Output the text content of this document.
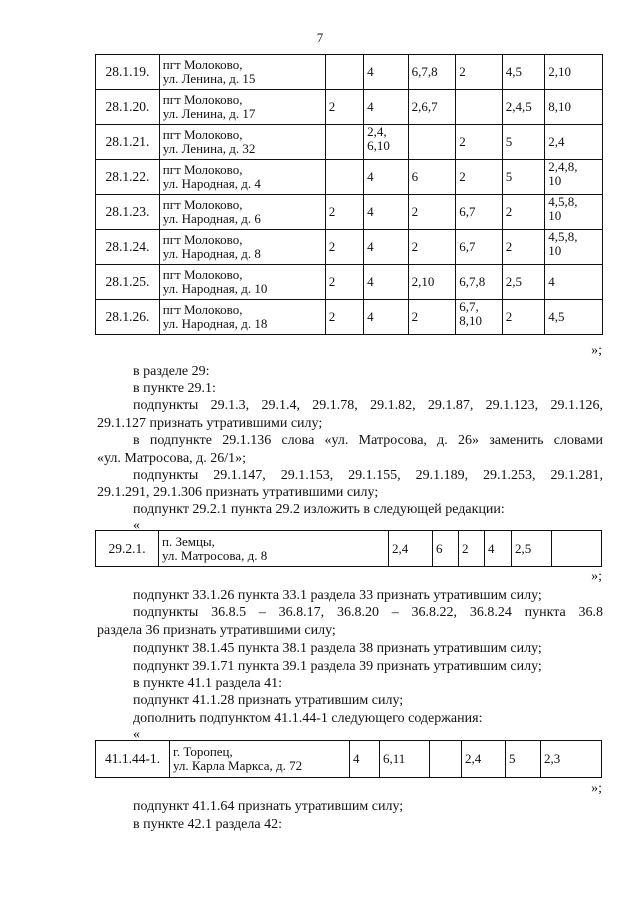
7
28.1.19.	пгт Молоково,
ул. Ленина, д. 15		4	6,7,8	2	4,5	2,10
28.1.20.	пгт Молоково,
ул. Ленина, д. 17	2	4	2,6,7		2,4,5	8,10
28.1.21.	пгт Молоково,
ул. Ленина, д. 32		2,4,
6,10		2	5	2,4
28.1.22.	пгт Молоково,
ул. Народная, д. 4		4	6	2	5	2,4,8,
10

28.1.23.	пгт Молоково,
ул. Народная, д. 6	2	4	2	6,7	2	4,5,8,
10

28.1.24.	пгт Молоково,
ул. Народная, д. 8	2	4	2	6,7	2	4,5,8,
10

28.1.25.	пгт Молоково,
ул. Народная, д. 10	2	4	2,10	6,7,8	2,5	4
28.1.26.	пгт Молоково,
ул. Народная, д. 18	2	4	2	6,7,
8,10	2	4,5
»;
в разделе 29:
в пункте 29.1:
подпункты 29.1.3, 29.1.4, 29.1.78, 29.1.82, 29.1.87, 29.1.123, 29.1.126,
29.1.127 признать утратившими силу;
в подпункте 29.1.136 слова «ул. Матросова, д. 26» заменить словами
«ул. Матросова, д. 26/1»;
подпункты 29.1.147, 29.1.153, 29.1.155, 29.1.189, 29.1.253, 29.1.281,
29.1.291, 29.1.306 признать утратившими силу;
подпункт 29.2.1 пункта 29.2 изложить в следующей редакции:
«
29.2.1.	п. Земцы,
ул. Матросова, д. 8	2,4	6	2	4	2,5	
»;
подпункт 33.1.26 пункта 33.1 раздела 33 признать утратившим силу;
подпункты 36.8.5 – 36.8.17, 36.8.20 – 36.8.22, 36.8.24 пункта 36.8
раздела 36 признать утратившими силу;
подпункт 38.1.45 пункта 38.1 раздела 38 признать утратившим силу;
подпункт 39.1.71 пункта 39.1 раздела 39 признать утратившим силу;
в пункте 41.1 раздела 41:
подпункт 41.1.28 признать утратившим силу;
дополнить подпунктом 41.1.44-1 следующего содержания:
«
41.1.44-1.	г. Торопец,
ул. Карла Маркса, д. 72	4	6,11		2,4	5	2,3
»;
подпункт 41.1.64 признать утратившим силу;
в пункте 42.1 раздела 42:
